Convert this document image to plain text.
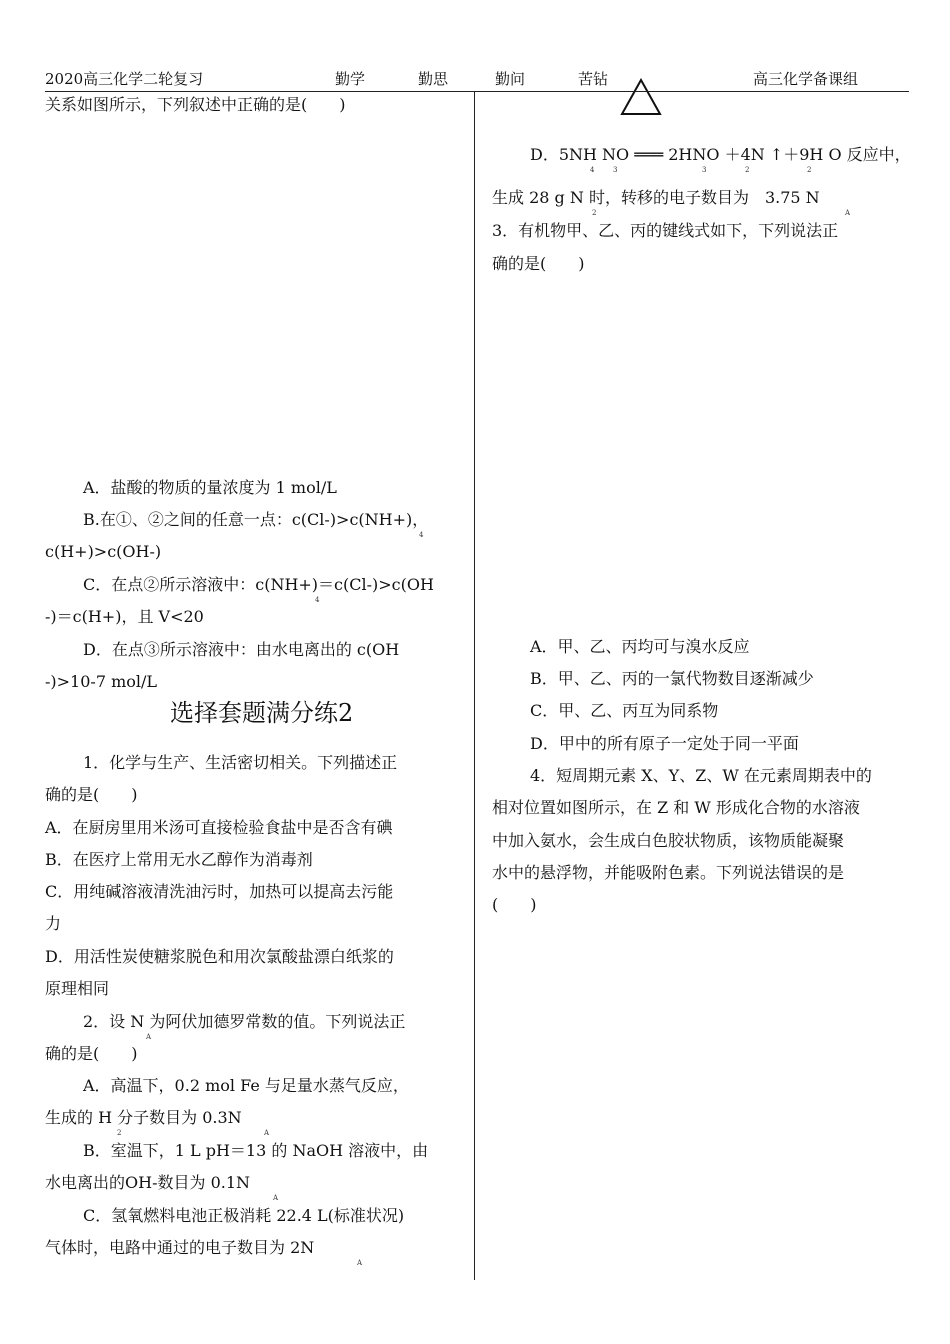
2020高三化学二轮复习	勤学	勤思	勤问	苦钻	高三化学备课组
关系如图所示，下列叙述中正确的是(　　)
A．盐酸的物质的量浓度为 1 mol/L
B.在①、②之间的任意一点：c(Cl-)>c(NH+)，
c(H+)>c(OH-)
C．在点②所示溶液中：c(NH+)＝c(Cl-)>c(OH
-)＝c(H+)，且 V<20
D．在点③所示溶液中：由水电离出的 c(OH
-)>10-7 mol/L
选择套题满分练2
1．化学与生产、生活密切相关。下列描述正
确的是(　　)
A．在厨房里用米汤可直接检验食盐中是否含有碘
B．在医疗上常用无水乙醇作为消毒剂
C．用纯碱溶液清洗油污时，加热可以提高去污能
力
D．用活性炭使糖浆脱色和用次氯酸盐漂白纸浆的
原理相同
2．设 N 为阿伏加德罗常数的值。下列说法正
确的是(　　)
A．高温下，0.2 mol Fe 与足量水蒸气反应，
生成的 H 分子数目为 0.3N
B．室温下，1 L pH＝13 的 NaOH 溶液中，由
水电离出的OH-数目为 0.1N
C．氢氧燃料电池正极消耗 22.4 L(标准状况)
气体时，电路中通过的电子数目为 2N
4
4
A
2	A
A
A
D．5NH NO ═══ 2HNO ＋4N ↑＋9H O 反应中，
生成 28 g N 时，转移的电子数目为　3.75 N
3．有机物甲、乙、丙的键线式如下，下列说法正
确的是(　　)
A．甲、乙、丙均可与溴水反应
B．甲、乙、丙的一氯代物数目逐渐减少
C．甲、乙、丙互为同系物
D．甲中的所有原子一定处于同一平面
4．短周期元素 X、Y、Z、W 在元素周期表中的
相对位置如图所示，在 Z 和 W 形成化合物的水溶液
中加入氨水，会生成白色胶状物质，该物质能凝聚
水中的悬浮物，并能吸附色素。下列说法错误的是
(　　)
4	3	3	2	2
2	A
